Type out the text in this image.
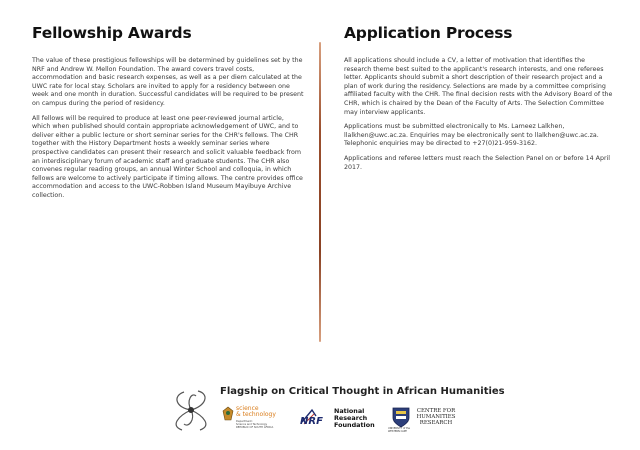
Fellowship Awards

The value of these prestigious fellowships will be determined by guidelines set by the NRF and Andrew W. Mellon Foundation. The award covers travel costs, accommodation and basic research expenses, as well as a per diem calculated at the UWC rate for local stay. Scholars are invited to apply for a residency between one week and one month in duration. Successful candidates will be required to be present on campus during the period of residency.

All fellows will be required to produce at least one peer-reviewed journal article, which when published should contain appropriate acknowledgement of UWC, and to deliver either a public lecture or short seminar series for the CHR's fellows. The CHR together with the History Department hosts a weekly seminar series where prospective candidates can present their research and solicit valuable feedback from an interdisciplinary forum of academic staff and graduate students. The CHR also convenes regular reading groups, an annual Winter School and colloquia, in which fellows are welcome to actively participate if timing allows. The centre provides office accommodation and access to the UWC-Robben Island Museum Mayibuye Archive collection.

Application Process

All applications should include a CV, a letter of motivation that identifies the research theme best suited to the applicant's research interests, and one referees letter. Applicants should submit a short description of their research project and a plan of work during the residency. Selections are made by a committee comprising affiliated faculty with the CHR. The final decision rests with the Advisory Board of the CHR, which is chaired by the Dean of the Faculty of Arts. The Selection Committee may interview applicants.

Applications must be submitted electronically to Ms. Lameez Lalkhen, llalkhen@uwc.ac.za. Enquiries may be electronically sent to llalkhen@uwc.ac.za. Telephonic enquiries may be directed to +27(0)21-959-3162.

Applications and referee letters must reach the Selection Panel on or before 14 April 2017.

Flagship on Critical Thought in African Humanities
science
& technology
Department:
Science and Technology
REPUBLIC OF SOUTH AFRICA
NRF
National
Research
Foundation	UNIVERSITY of the
WESTERN CAPE
CENTRE FOR
HUMANITIES
RESEARCH
